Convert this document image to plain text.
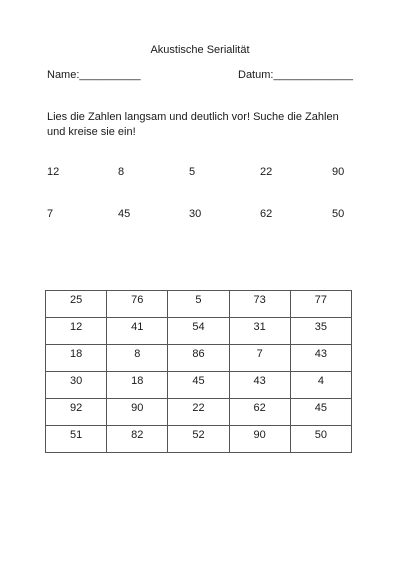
Akustische Serialität
Name:__________	Datum:_____________
Lies die Zahlen langsam und deutlich vor! Suche die Zahlen
und kreise sie ein!
12	8	5	22	90
7	45	30	62	50
25	76	5	73	77
12	41	54	31	35
18	8	86	7	43
30	18	45	43	4
92	90	22	62	45
51	82	52	90	50
